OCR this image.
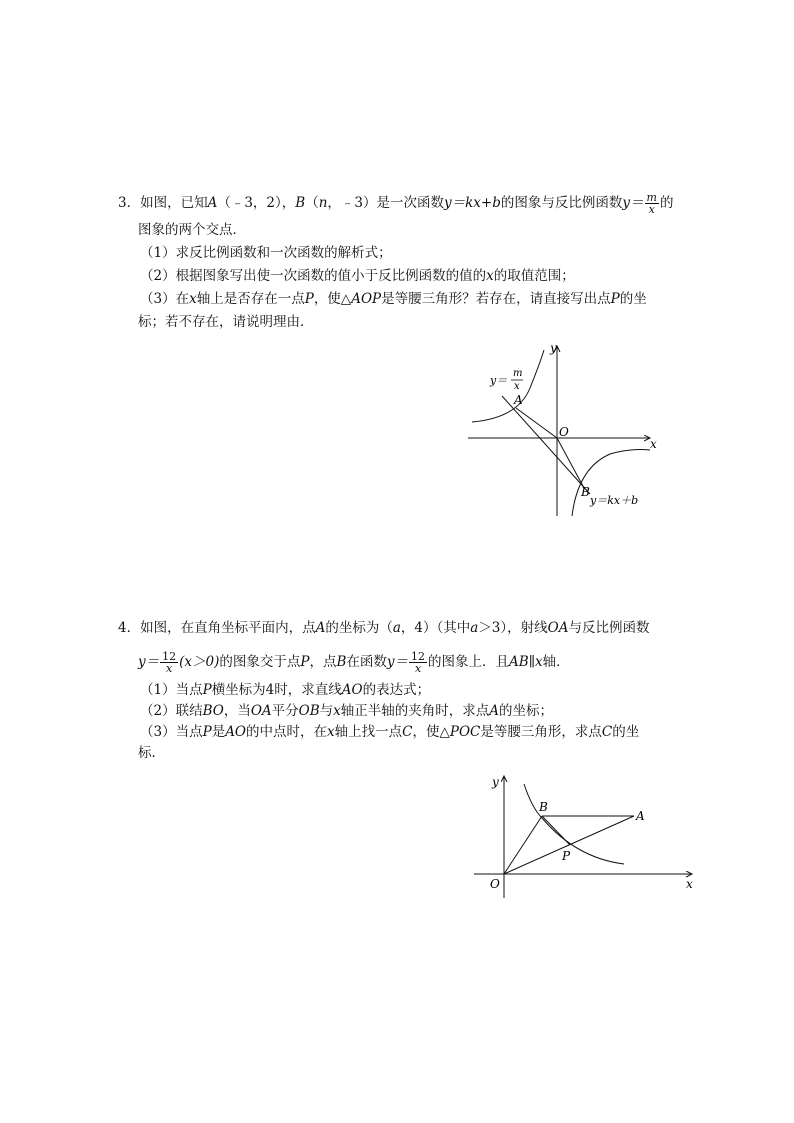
3．如图，已知A（﹣3，2），B（n，﹣3）是一次函数y＝kx+b的图象与反比例函数$y= \frac{m}{x}$ 的
图象的两个交点．
（1）求反比例函数和一次函数的解析式；
（2）根据图象写出使一次函数的值小于反比例函数的值的x的取值范围；
（3）在x轴上是否存在一点P，使△AOP是等腰三角形？若存在，请直接写出点P的坐
标；若不存在，请说明理由．
y
x
O
A
B
y＝
m
x
y＝kx＋b
4．如图，在直角坐标平面内，点A的坐标为（a，4）（其中a＞3），射线OA与反比例函数
$y= \frac{12}{x} (x>0)$的图象交于点P，点B在函数$y= \frac{12}{x}$ 的图象上．且AB∥x轴．
（1）当点P横坐标为4时，求直线AO的表达式；
（2）联结BO，当OA平分OB与x轴正半轴的夹角时，求点A的坐标；
（3）当点P是AO的中点时，在x轴上找一点C，使△POC是等腰三角形，求点C的坐
标．
y
x
O
B
A
P
